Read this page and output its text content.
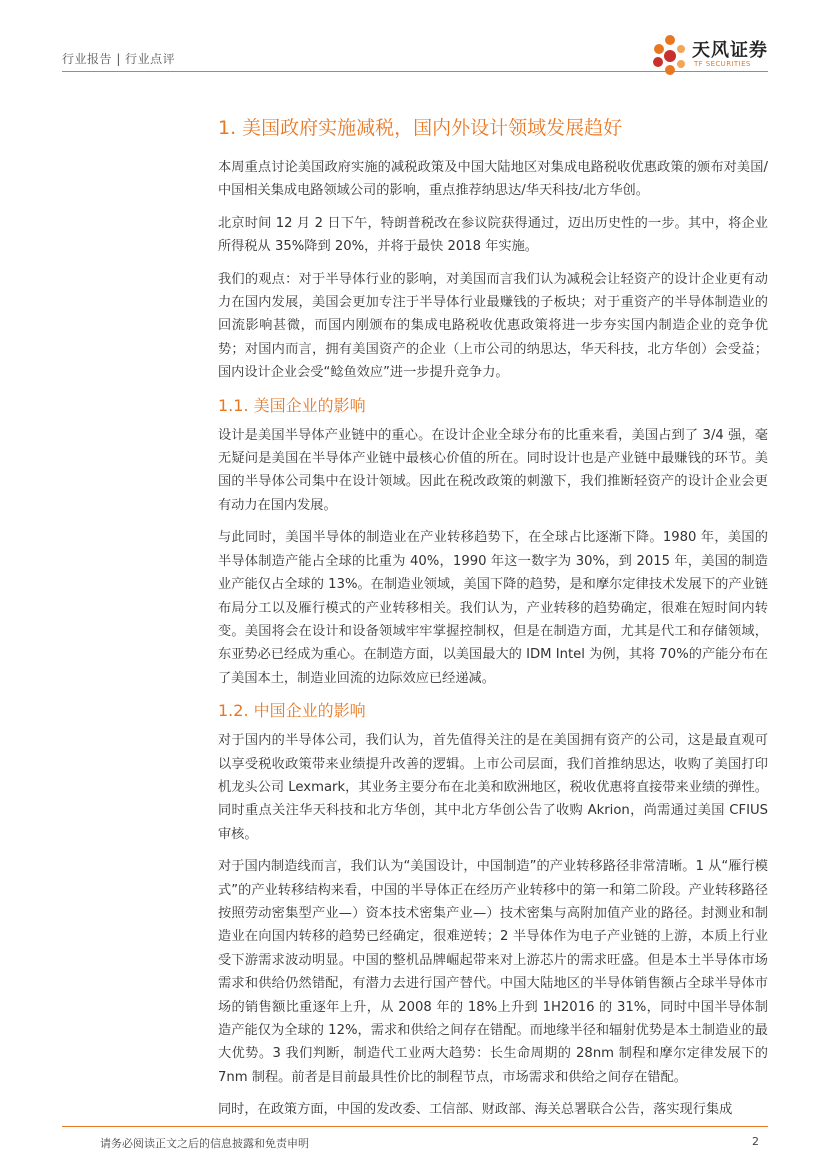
行业报告 | 行业点评	天风证券
TF SECURITIES
1. 美国政府实施减税，国内外设计领域发展趋好

本周重点讨论美国政府实施的减税政策及中国大陆地区对集成电路税收优惠政策的颁布对美国/中国相关集成电路领域公司的影响，重点推荐纳思达/华天科技/北方华创。

北京时间 12 月 2 日下午，特朗普税改在参议院获得通过，迈出历史性的一步。其中，将企业所得税从 35%降到 20%，并将于最快 2018 年实施。

我们的观点：对于半导体行业的影响，对美国而言我们认为减税会让轻资产的设计企业更有动力在国内发展，美国会更加专注于半导体行业最赚钱的子板块；对于重资产的半导体制造业的回流影响甚微，而国内刚颁布的集成电路税收优惠政策将进一步夯实国内制造企业的竞争优势；对国内而言，拥有美国资产的企业（上市公司的纳思达，华天科技，北方华创）会受益；国内设计企业会受“鲶鱼效应”进一步提升竞争力。

1.1. 美国企业的影响

设计是美国半导体产业链中的重心。在设计企业全球分布的比重来看，美国占到了 3/4 强，毫无疑问是美国在半导体产业链中最核心价值的所在。同时设计也是产业链中最赚钱的环节。美国的半导体公司集中在设计领域。因此在税改政策的刺激下，我们推断轻资产的设计企业会更有动力在国内发展。

与此同时，美国半导体的制造业在产业转移趋势下，在全球占比逐渐下降。1980 年，美国的半导体制造产能占全球的比重为 40%，1990 年这一数字为 30%，到 2015 年，美国的制造业产能仅占全球的 13%。在制造业领域，美国下降的趋势，是和摩尔定律技术发展下的产业链布局分工以及雁行模式的产业转移相关。我们认为，产业转移的趋势确定，很难在短时间内转变。美国将会在设计和设备领域牢牢掌握控制权，但是在制造方面，尤其是代工和存储领域，东亚势必已经成为重心。在制造方面，以美国最大的 IDM Intel 为例，其将 70%的产能分布在了美国本土，制造业回流的边际效应已经递减。

1.2. 中国企业的影响

对于国内的半导体公司，我们认为，首先值得关注的是在美国拥有资产的公司，这是最直观可以享受税收政策带来业绩提升改善的逻辑。上市公司层面，我们首推纳思达，收购了美国打印机龙头公司 Lexmark，其业务主要分布在北美和欧洲地区，税收优惠将直接带来业绩的弹性。同时重点关注华天科技和北方华创，其中北方华创公告了收购 Akrion，尚需通过美国 CFIUS 审核。

对于国内制造线而言，我们认为“美国设计，中国制造”的产业转移路径非常清晰。1 从“雁行模式”的产业转移结构来看，中国的半导体正在经历产业转移中的第一和第二阶段。产业转移路径按照劳动密集型产业—）资本技术密集产业—）技术密集与高附加值产业的路径。封测业和制造业在向国内转移的趋势已经确定，很难逆转；2 半导体作为电子产业链的上游，本质上行业受下游需求波动明显。中国的整机品牌崛起带来对上游芯片的需求旺盛。但是本土半导体市场需求和供给仍然错配，有潜力去进行国产替代。中国大陆地区的半导体销售额占全球半导体市场的销售额比重逐年上升，从 2008 年的 18%上升到 1H2016 的 31%，同时中国半导体制造产能仅为全球的 12%，需求和供给之间存在错配。而地缘半径和辐射优势是本土制造业的最大优势。3 我们判断，制造代工业两大趋势：长生命周期的 28nm 制程和摩尔定律发展下的 7nm 制程。前者是目前最具性价比的制程节点，市场需求和供给之间存在错配。

同时，在政策方面，中国的发改委、工信部、财政部、海关总署联合公告，落实现行集成

请务必阅读正文之后的信息披露和免责申明	2
